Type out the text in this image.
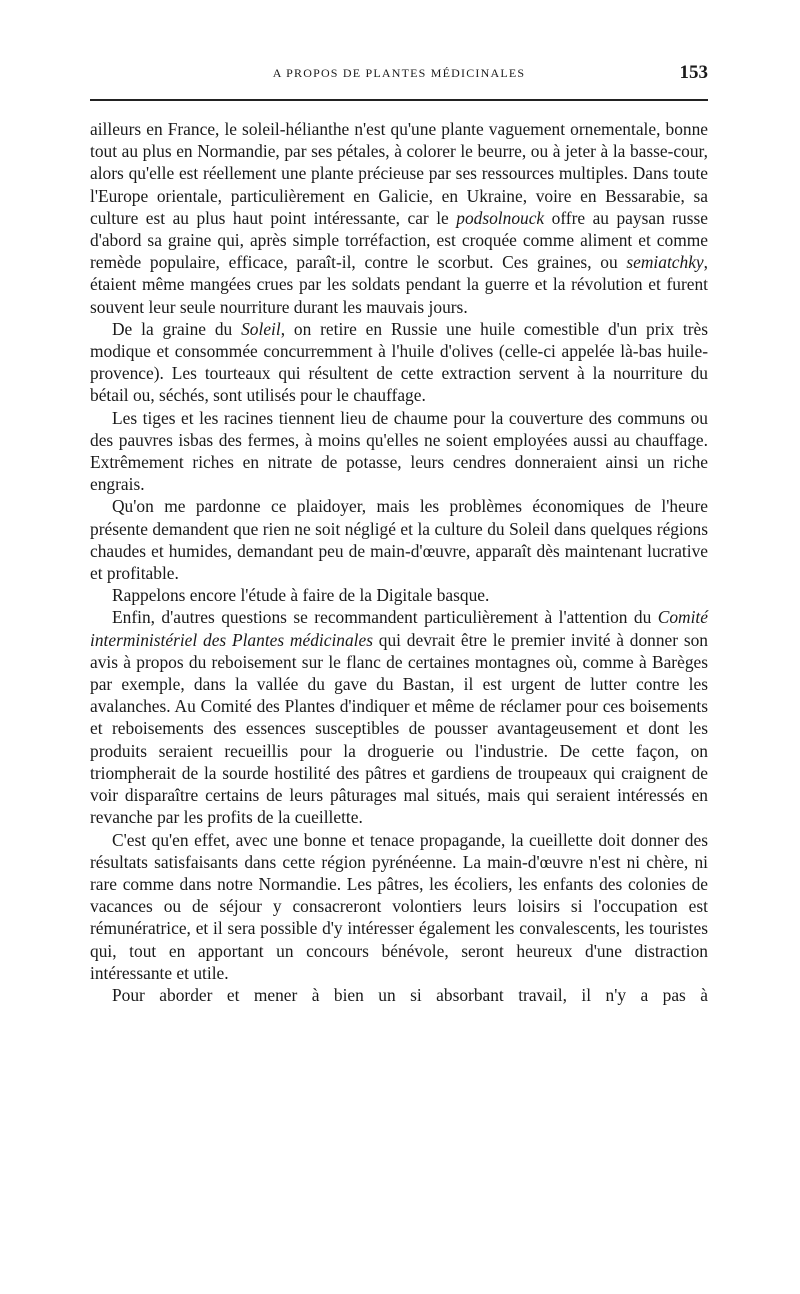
A PROPOS DE PLANTES MÉDICINALES	153

ailleurs en France, le soleil-hélianthe n'est qu'une plante vaguement ornementale, bonne tout au plus en Normandie, par ses pétales, à colorer le beurre, ou à jeter à la basse-cour, alors qu'elle est réellement une plante précieuse par ses ressources multiples. Dans toute l'Europe orientale, particulièrement en Galicie, en Ukraine, voire en Bessarabie, sa culture est au plus haut point intéressante, car le podsolnouck offre au paysan russe d'abord sa graine qui, après simple torréfaction, est croquée comme aliment et comme remède populaire, efficace, paraît-il, contre le scorbut. Ces graines, ou semiatchky, étaient même mangées crues par les soldats pendant la guerre et la révolution et furent souvent leur seule nourriture durant les mauvais jours.

De la graine du Soleil, on retire en Russie une huile comestible d'un prix très modique et consommée concurremment à l'huile d'olives (celle-ci appelée là-bas huile-provence). Les tourteaux qui résultent de cette extraction servent à la nourriture du bétail ou, séchés, sont utilisés pour le chauffage.

Les tiges et les racines tiennent lieu de chaume pour la couverture des communs ou des pauvres isbas des fermes, à moins qu'elles ne soient employées aussi au chauffage. Extrêmement riches en nitrate de potasse, leurs cendres donneraient ainsi un riche engrais.

Qu'on me pardonne ce plaidoyer, mais les problèmes économiques de l'heure présente demandent que rien ne soit négligé et la culture du Soleil dans quelques régions chaudes et humides, demandant peu de main-d'œuvre, apparaît dès maintenant lucrative et profitable.

Rappelons encore l'étude à faire de la Digitale basque.

Enfin, d'autres questions se recommandent particulièrement à l'attention du Comité interministériel des Plantes médicinales qui devrait être le premier invité à donner son avis à propos du reboisement sur le flanc de certaines montagnes où, comme à Barèges par exemple, dans la vallée du gave du Bastan, il est urgent de lutter contre les avalanches. Au Comité des Plantes d'indiquer et même de réclamer pour ces boisements et reboisements des essences susceptibles de pousser avantageusement et dont les produits seraient recueillis pour la droguerie ou l'industrie. De cette façon, on triompherait de la sourde hostilité des pâtres et gardiens de troupeaux qui craignent de voir disparaître certains de leurs pâturages mal situés, mais qui seraient intéressés en revanche par les profits de la cueillette.

C'est qu'en effet, avec une bonne et tenace propagande, la cueillette doit donner des résultats satisfaisants dans cette région pyrénéenne. La main-d'œuvre n'est ni chère, ni rare comme dans notre Normandie. Les pâtres, les écoliers, les enfants des colonies de vacances ou de séjour y consacreront volontiers leurs loisirs si l'occupation est rémunératrice, et il sera possible d'y intéresser également les convalescents, les touristes qui, tout en apportant un concours bénévole, seront heureux d'une distraction intéressante et utile.

Pour aborder et mener à bien un si absorbant travail, il n'y a pas à
